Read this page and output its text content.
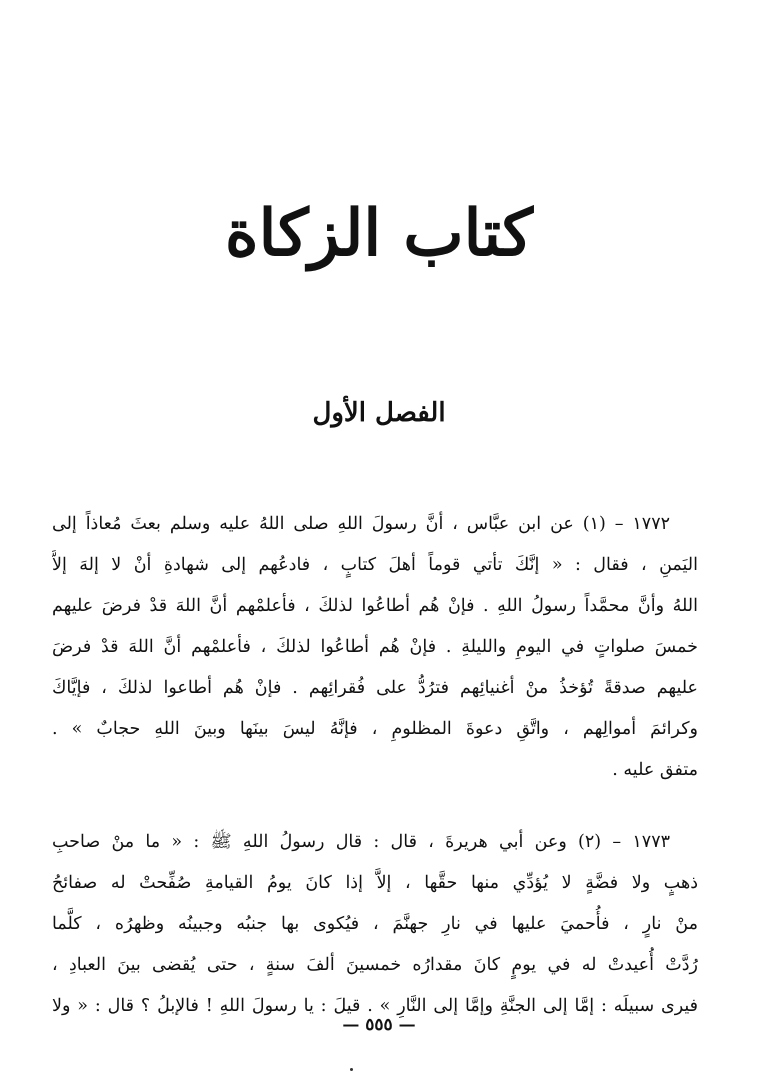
كتاب الزكاة
الفصل الأول
١٧٧٢ – (١) عن ابن عبَّاس ، أنَّ رسولَ اللهِ صلى اللهُ عليه وسلم بعثَ مُعاذاً إلى
اليَمنِ ، فقال : « إنَّكَ تأتي قوماً أهلَ كتابٍ ، فادعُهم إلى شهادةِ أنْ لا إلهَ إلاَّ
اللهُ وأنَّ محمَّداً رسولُ اللهِ . فإنْ هُم أطاعُوا لذلكَ ، فأعلمْهم أنَّ اللهَ قدْ فرضَ عليهم
خمسَ صلواتٍ في اليومِ والليلةِ . فإنْ هُم أطاعُوا لذلكَ ، فأعلمْهم أنَّ اللهَ قدْ فرضَ
عليهم صدقةً تُؤخذُ منْ أغنيائِهم فترُدُّ على فُقرائِهم . فإنْ هُم أطاعوا لذلكَ ، فإيَّاكَ
وكرائمَ أموالِهم ، واتَّقِ دعوةَ المظلومِ ، فإنَّهُ ليسَ بينَها وبينَ اللهِ حجابٌ » .
متفق عليه .
١٧٧٣ – (٢) وعن أبي هريرةَ ، قال : قال رسولُ اللهِ ﷺ : « ما منْ صاحبِ
ذهبٍ ولا فضَّةٍ لا يُؤدِّي منها حقَّها ، إلاَّ إذا كانَ يومُ القيامةِ صُفِّحتْ له صفائحُ
منْ نارٍ ، فأُحميَ عليها في نارِ جهنَّمَ ، فيُكوى بها جنبُه وجبينُه وظهرُه ، كلَّما
رُدَّتْ أُعيدتْ له في يومٍ كانَ مقدارُه خمسينَ ألفَ سنةٍ ، حتى يُقضى بينَ العبادِ ،
فيرى سبيلَه : إمَّا إلى الجنَّةِ وإمَّا إلى النَّارِ » . قيلَ : يا رسولَ اللهِ ! فالإبلُ ؟ قال : « ولا
— ٥٥٥ —
